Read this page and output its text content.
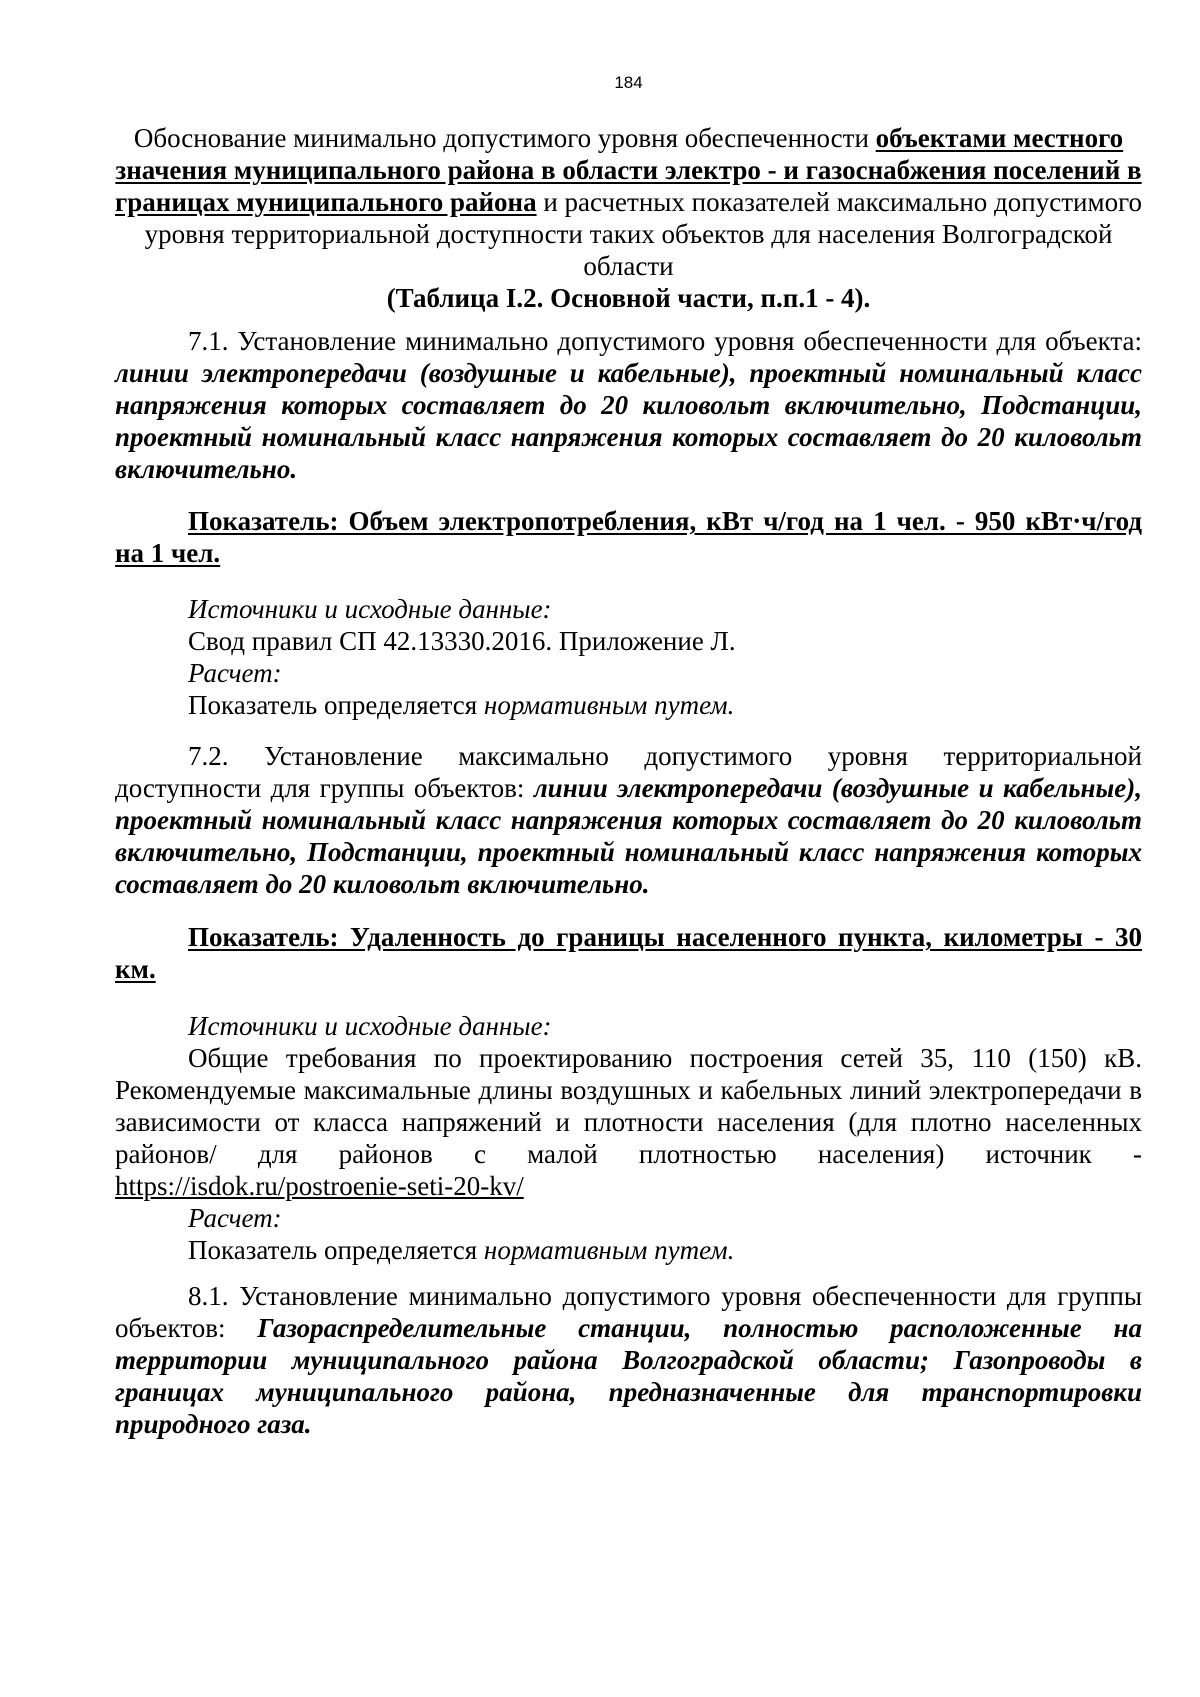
184
Обоснование минимально допустимого уровня обеспеченности объектами местного значения муниципального района в области электро - и газоснабжения поселений в границах муниципального района и расчетных показателей максимально допустимого уровня территориальной доступности таких объектов для населения Волгоградской области
(Таблица I.2. Основной части, п.п.1 - 4).
7.1. Установление минимально допустимого уровня обеспеченности для объекта: линии электропередачи (воздушные и кабельные), проектный номинальный класс напряжения которых составляет до 20 киловольт включительно, Подстанции, проектный номинальный класс напряжения которых составляет до 20 киловольт включительно.
Показатель: Объем электропотребления, кВт ч/год на 1 чел. - 950 кВт·ч/год на 1 чел.
Источники и исходные данные:
Свод правил СП 42.13330.2016. Приложение Л.
Расчет:
Показатель определяется нормативным путем.
7.2. Установление максимально допустимого уровня территориальной доступности для группы объектов: линии электропередачи (воздушные и кабельные), проектный номинальный класс напряжения которых составляет до 20 киловольт включительно, Подстанции, проектный номинальный класс напряжения которых составляет до 20 киловольт включительно.
Показатель: Удаленность до границы населенного пункта, километры - 30 км.
Источники и исходные данные:
Общие требования по проектированию построения сетей 35, 110 (150) кВ. Рекомендуемые максимальные длины воздушных и кабельных линий электропередачи в зависимости от класса напряжений и плотности населения (для плотно населенных районов/ для районов с малой плотностью населения) источник - https://isdok.ru/postroenie-seti-20-kv/
Расчет:
Показатель определяется нормативным путем.
8.1. Установление минимально допустимого уровня обеспеченности для группы объектов: Газораспределительные станции, полностью расположенные на территории муниципального района Волгоградской области; Газопроводы в границах муниципального района, предназначенные для транспортировки природного газа.
